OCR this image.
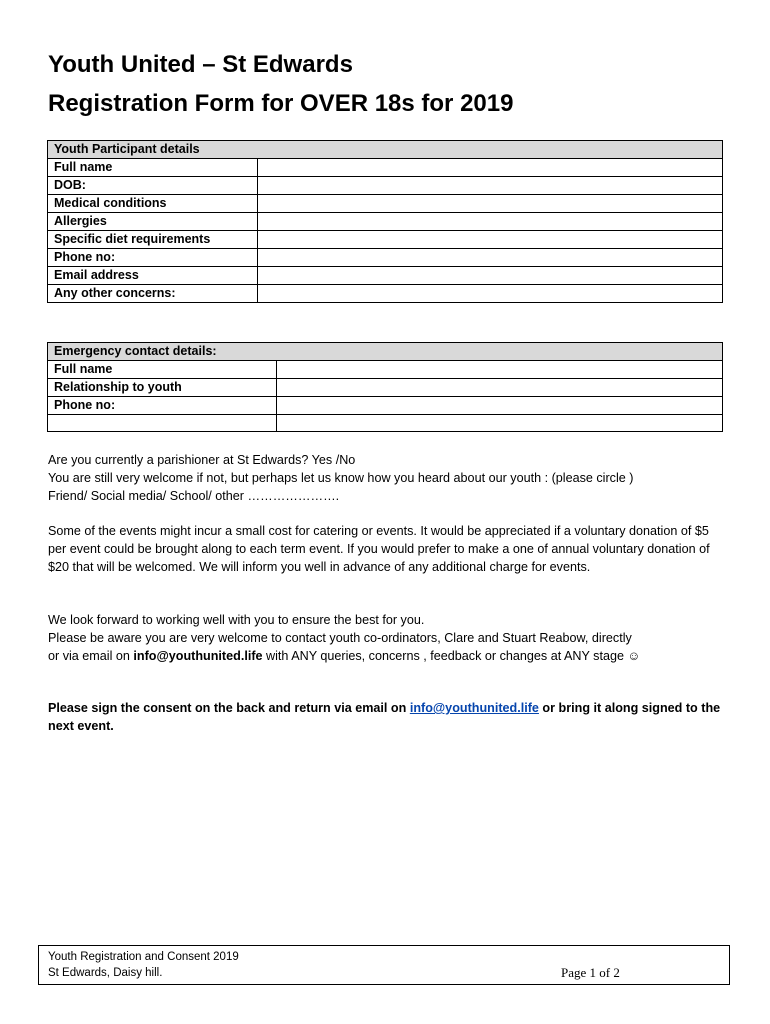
Youth United – St Edwards
Registration Form for OVER 18s for 2019
Youth Participant details	
Full name	
DOB:	
Medical conditions	
Allergies	
Specific diet requirements	
Phone no:	
Email address	
Any other concerns:	
Emergency contact details:	
Full name	
Relationship to youth	
Phone no:	

Are you currently a parishioner at St Edwards? Yes /No
You are still very welcome if not, but perhaps let us know how you heard about our youth : (please circle )
Friend/ Social media/ School/ other ………………….

Some of the events might incur a small cost for catering or events. It would be appreciated if a voluntary donation of $5 per event could be brought along to each term event. If you would prefer to make a one of annual voluntary donation of $20 that will be welcomed. We will inform you well in advance of any additional charge for events.

We look forward to working well with you to ensure the best for you.
Please be aware you are very welcome to contact youth co-ordinators, Clare and Stuart Reabow, directly
or via email on info@youthunited.life with ANY queries, concerns , feedback or changes at ANY stage ☺

Please sign the consent on the back and return via email on info@youthunited.life or bring it along signed to the next event.

Youth Registration and Consent 2019
St Edwards, Daisy hill.	Page 1 of 2
